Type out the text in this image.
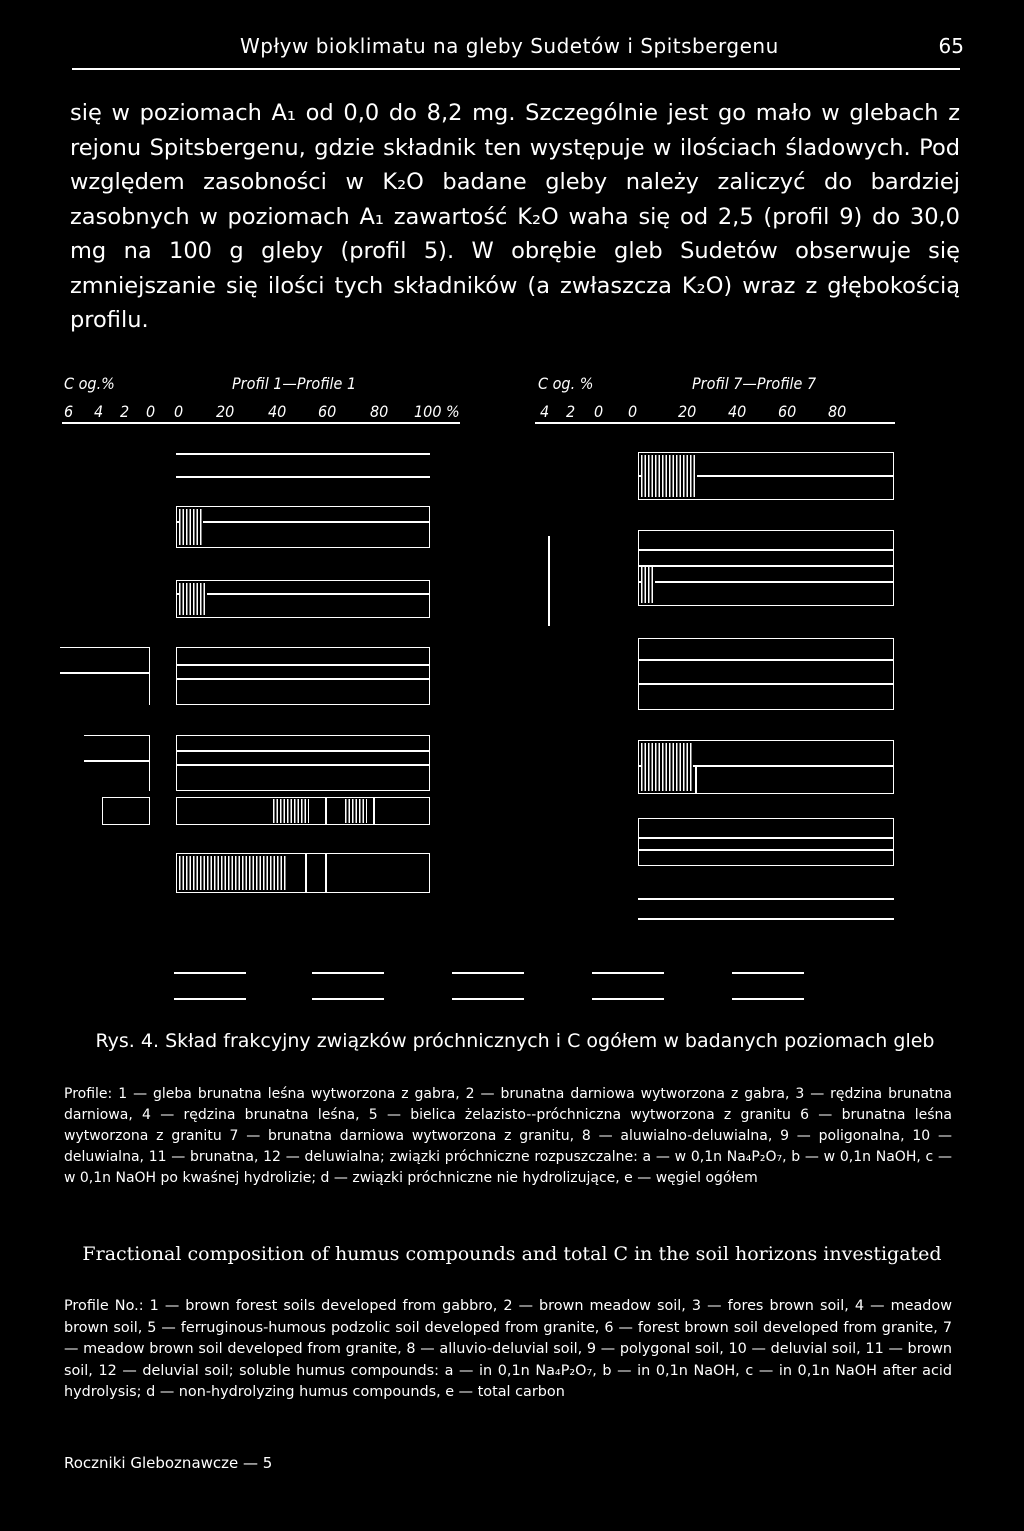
Wpływ bioklimatu na gleby Sudetów i Spitsbergenu	65

się w poziomach A₁ od 0,0 do 8,2 mg. Szczególnie jest go mało w glebach z rejonu Spitsbergenu, gdzie składnik ten występuje w ilościach śladowych. Pod względem zasobności w K₂O badane gleby należy zaliczyć do bardziej zasobnych w poziomach A₁ zawartość K₂O waha się od 2,5 (profil 9) do 30,0 mg na 100 g gleby (profil 5). W obrębie gleb Sudetów obserwuje się zmniejszanie się ilości tych składników (a zwłaszcza K₂O) wraz z głębokością profilu.

C og.%	Profil 1—Profile 1	C og. %	Profil 7—Profile 7
6 4 2 0 0 20 40 60 80 100 %	4 2 0 0	20 40 60 80
Rys. 4. Skład frakcyjny związków próchnicznych i C ogółem w badanych poziomach gleb
Profile: 1 — gleba brunatna leśna wytworzona z gabra, 2 — brunatna darniowa wytworzona z gabra, 3 — rędzina brunatna darniowa, 4 — rędzina brunatna leśna, 5 — bielica żelazisto--próchniczna wytworzona z granitu 6 — brunatna leśna wytworzona z granitu 7 — brunatna darniowa wytworzona z granitu, 8 — aluwialno-deluwialna, 9 — poligonalna, 10 — deluwialna, 11 — brunatna, 12 — deluwialna; związki próchniczne rozpuszczalne: a — w 0,1n Na₄P₂O₇, b — w 0,1n NaOH, c — w 0,1n NaOH po kwaśnej hydrolizie; d — związki próchniczne nie hydrolizujące, e — węgiel ogółem
Fractional composition of humus compounds and total C in the soil horizons investigated
Profile No.: 1 — brown forest soils developed from gabbro, 2 — brown meadow soil, 3 — fores brown soil, 4 — meadow brown soil, 5 — ferruginous-humous podzolic soil developed from granite, 6 — forest brown soil developed from granite, 7 — meadow brown soil developed from granite, 8 — alluvio-deluvial soil, 9 — polygonal soil, 10 — deluvial soil, 11 — brown soil, 12 — deluvial soil; soluble humus compounds: a — in 0,1n Na₄P₂O₇, b — in 0,1n NaOH, c — in 0,1n NaOH after acid hydrolysis; d — non-hydrolyzing humus compounds, e — total carbon
Roczniki Gleboznawcze — 5
